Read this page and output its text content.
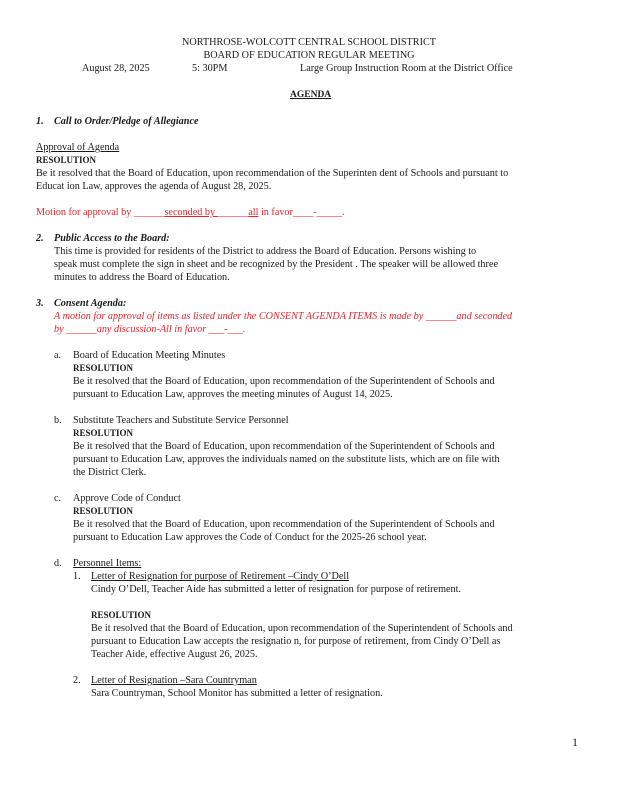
NORTHROSE-WOLCOTT CENTRAL SCHOOL DISTRICT
BOARD OF EDUCATION REGULAR MEETING
August 28, 2025	5: 30PM	Large Group Instruction Room at the District Office
AGENDA
1. Call to Order/Pledge of Allegiance
Approval of Agenda
RESOLUTION
Be it resolved that the Board of Education, upon recommendation of the Superinten dent of Schools and pursuant to
Educat ion Law, approves the agenda of August 28, 2025.
Motion for approval by ______seconded by ______all in favor____-_____.
2. Public Access to the Board:
This time is provided for residents of the District to address the Board of Education. Persons wishing to
speak must complete the sign in sheet and be recognized by the President . The speaker will be allowed three
minutes to address the Board of Education.
3. Consent Agenda:
A motion for approval of items as listed under the CONSENT AGENDA ITEMS is made by ______and seconded
by ______any discussion-All in favor ___-___.
a. Board of Education Meeting Minutes
RESOLUTION
Be it resolved that the Board of Education, upon recommendation of the Superintendent of Schools and
pursuant to Education Law, approves the meeting minutes of August 14, 2025.
b. Substitute Teachers and Substitute Service Personnel
RESOLUTION
Be it resolved that the Board of Education, upon recommendation of the Superintendent of Schools and
pursuant to Education Law, approves the individuals named on the substitute lists, which are on file with
the District Clerk.
c. Approve Code of Conduct
RESOLUTION
Be it resolved that the Board of Education, upon recommendation of the Superintendent of Schools and
pursuant to Education Law approves the Code of Conduct for the 2025-26 school year.
d. Personnel Items:
1. Letter of Resignation for purpose of Retirement –Cindy O’Dell
Cindy O’Dell, Teacher Aide has submitted a letter of resignation for purpose of retirement.
RESOLUTION
Be it resolved that the Board of Education, upon recommendation of the Superintendent of Schools and
pursuant to Education Law accepts the resignatio n, for purpose of retirement, from Cindy O’Dell as
Teacher Aide, effective August 26, 2025.
2. Letter of Resignation –Sara Countryman
Sara Countryman, School Monitor has submitted a letter of resignation.
1
